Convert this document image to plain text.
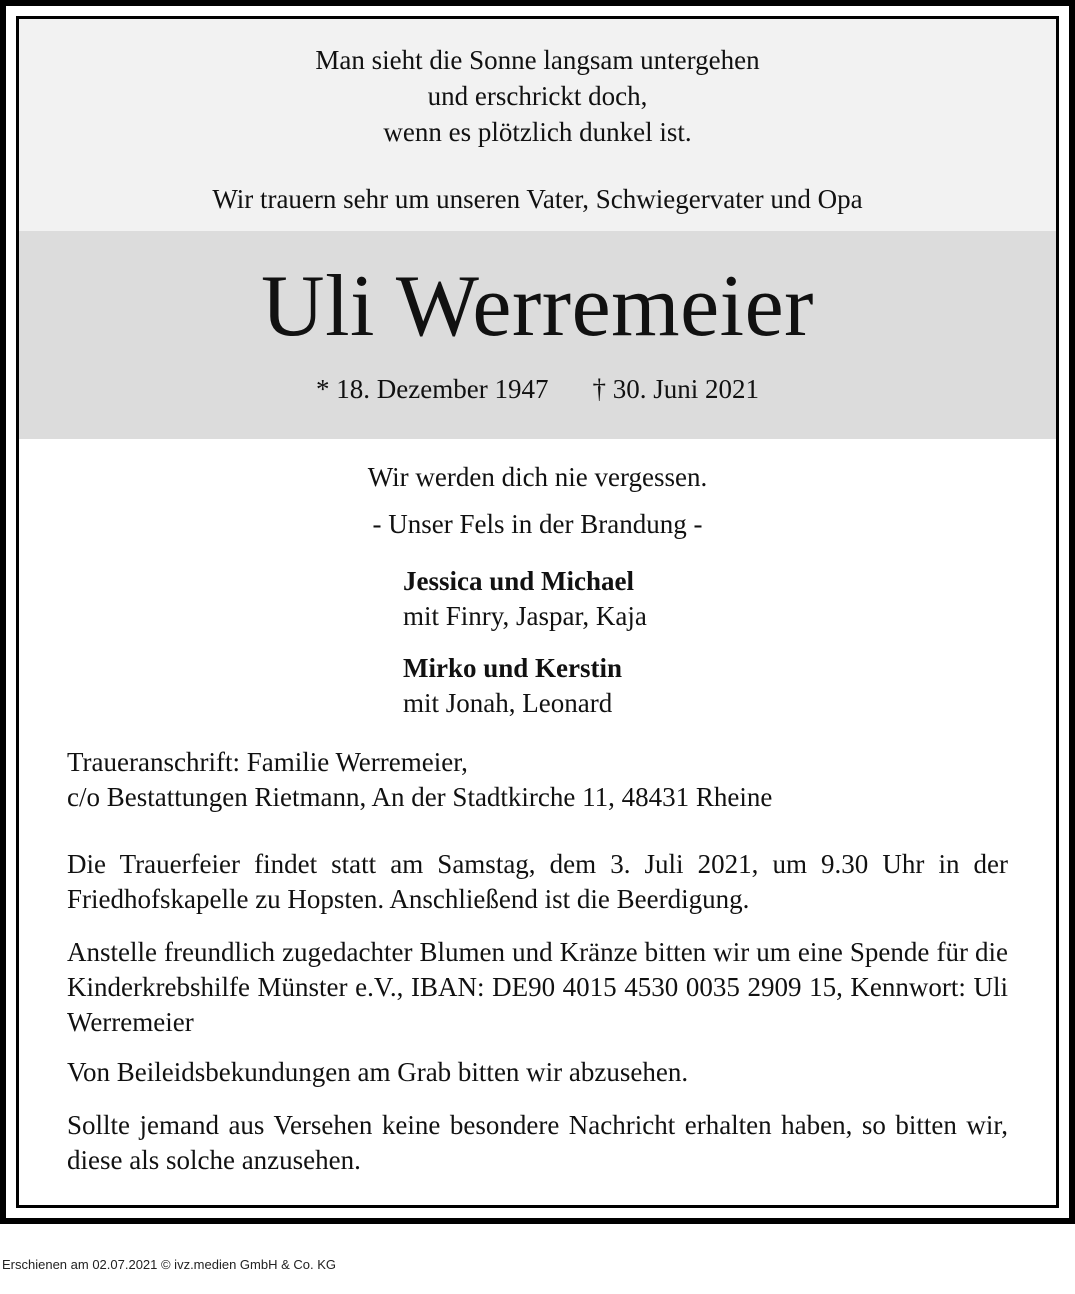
Man sieht die Sonne langsam untergehen
und erschrickt doch,
wenn es plötzlich dunkel ist.
Wir trauern sehr um unseren Vater, Schwiegervater und Opa
Uli Werremeier
* 18. Dezember 1947 † 30. Juni 2021
Wir werden dich nie vergessen.
- Unser Fels in der Brandung -
Jessica und Michael
mit Finry, Jaspar, Kaja
Mirko und Kerstin
mit Jonah, Leonard
Traueranschrift: Familie Werremeier,
c/o Bestattungen Rietmann, An der Stadtkirche 11, 48431 Rheine
Die Trauerfeier findet statt am Samstag, dem 3. Juli 2021, um 9.30 Uhr in der Friedhofskapelle zu Hopsten. Anschließend ist die Beerdigung.
Anstelle freundlich zugedachter Blumen und Kränze bitten wir um eine Spende für die Kinderkrebshilfe Münster e.V., IBAN: DE90 4015 4530 0035 2909 15, Kennwort: Uli Werremeier
Von Beileidsbekundungen am Grab bitten wir abzusehen.
Sollte jemand aus Versehen keine besondere Nachricht erhalten haben, so bitten wir, diese als solche anzusehen.
Erschienen am 02.07.2021 © ivz.medien GmbH & Co. KG
